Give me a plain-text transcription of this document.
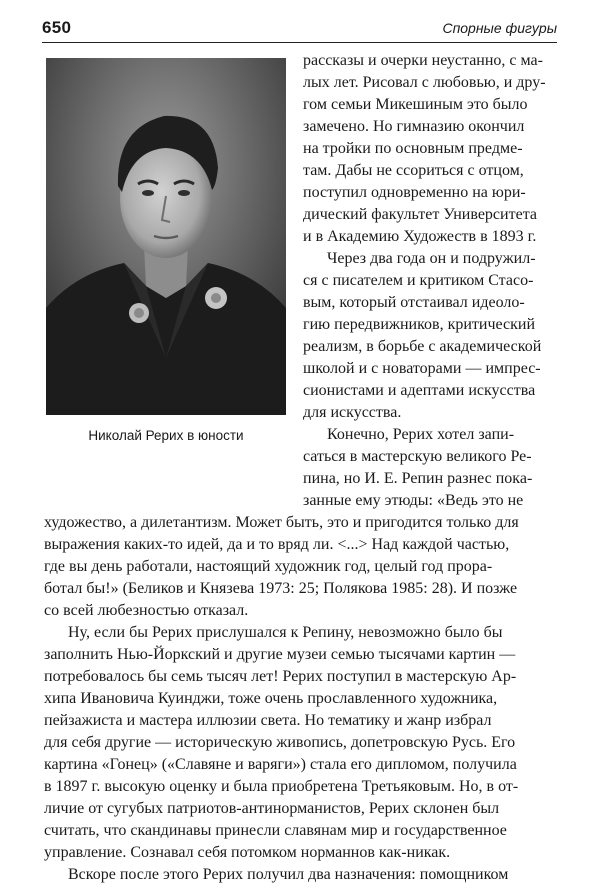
650	Спорные фигуры
Николай Рерих в юности
рассказы и очерки неустанно, с ма-
лых лет. Рисовал с любовью, и дру-
гом семьи Микешиным это было
замечено. Но гимназию окончил
на тройки по основным предме-
там. Дабы не ссориться с отцом,
поступил одновременно на юри-
дический факультет Университета
и в Академию Художеств в 1893 г.
Через два года он и подружил-
ся с писателем и критиком Стасо-
вым, который отстаивал идеоло-
гию передвижников, критический
реализм, в борьбе с академической
школой и с новаторами — импрес-
сионистами и адептами искусства
для искусства.
Конечно, Рерих хотел запи-
саться в мастерскую великого Ре-
пина, но И. Е. Репин разнес пока-
занные ему этюды: «Ведь это не
художество, а дилетантизм. Может быть, это и пригодится только для
выражения каких-то идей, да и то вряд ли. <...> Над каждой частью,
где вы день работали, настоящий художник год, целый год прора-
ботал бы!» (Беликов и Князева 1973: 25; Полякова 1985: 28). И позже
со всей любезностью отказал.
Ну, если бы Рерих прислушался к Репину, невозможно было бы
заполнить Нью-Йоркский и другие музеи семью тысячами картин —
потребовалось бы семь тысяч лет! Рерих поступил в мастерскую Ар-
хипа Ивановича Куинджи, тоже очень прославленного художника,
пейзажиста и мастера иллюзии света. Но тематику и жанр избрал
для себя другие — историческую живопись, допетровскую Русь. Его
картина «Гонец» («Славяне и варяги») стала его дипломом, получила
в 1897 г. высокую оценку и была приобретена Третьяковым. Но, в от-
личие от сугубых патриотов-антинорманистов, Рерих склонен был
считать, что скандинавы принесли славянам мир и государственное
управление. Сознавал себя потомком норманнов как-никак.
Вскоре после этого Рерих получил два назначения: помощником
